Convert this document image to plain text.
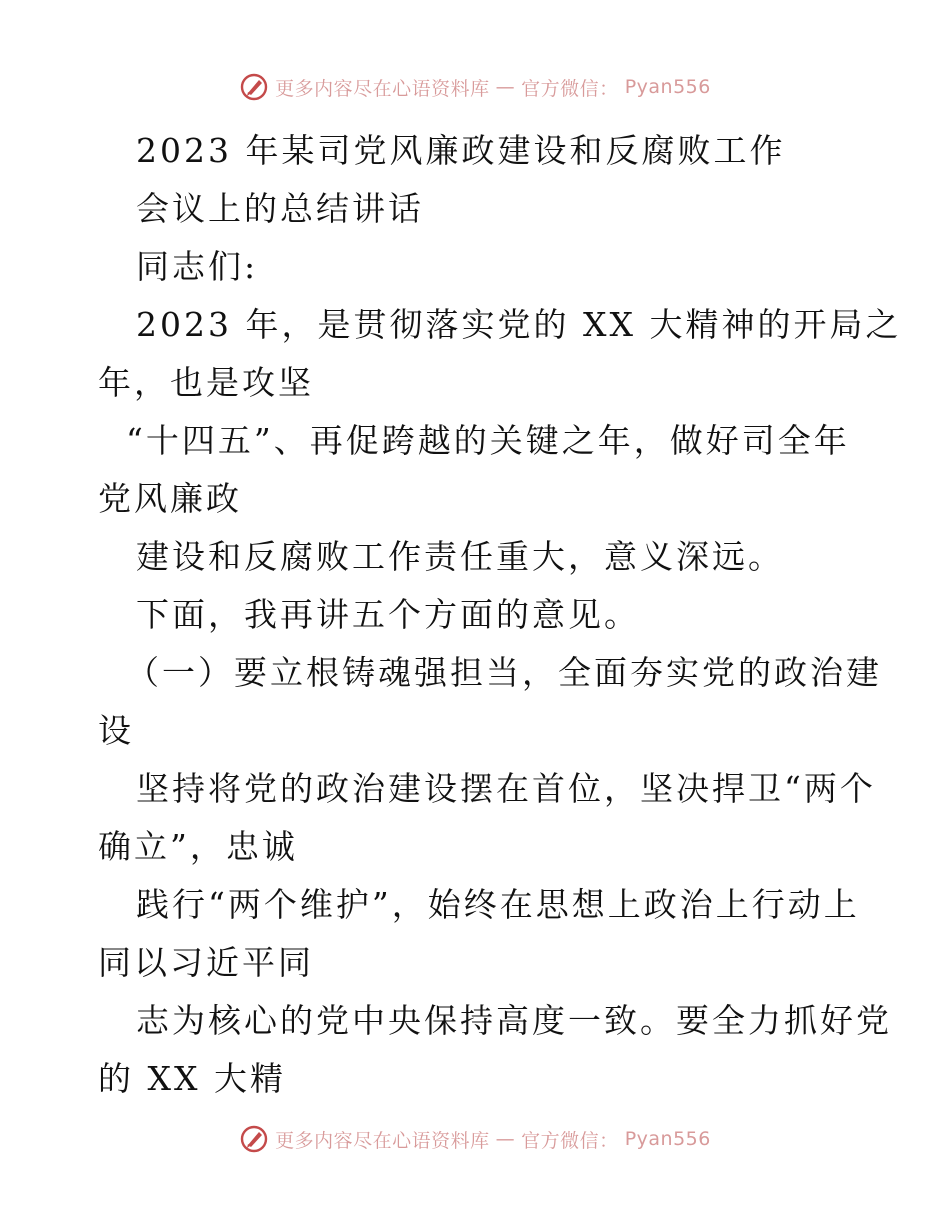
更多内容尽在心语资料库 — 官方微信： Pyan556
2023 年某司党风廉政建设和反腐败工作
会议上的总结讲话
同志们:
2023 年，是贯彻落实党的 XX 大精神的开局之
年，也是攻坚
“十四五”、再促跨越的关键之年，做好司全年
党风廉政
建设和反腐败工作责任重大，意义深远。
下面，我再讲五个方面的意见。
（一）要立根铸魂强担当，全面夯实党的政治建
设
坚持将党的政治建设摆在首位，坚决捍卫“两个
确立”，忠诚
践行“两个维护”，始终在思想上政治上行动上
同以习近平同
志为核心的党中央保持高度一致。要全力抓好党
的 XX 大精
更多内容尽在心语资料库 — 官方微信： Pyan556
